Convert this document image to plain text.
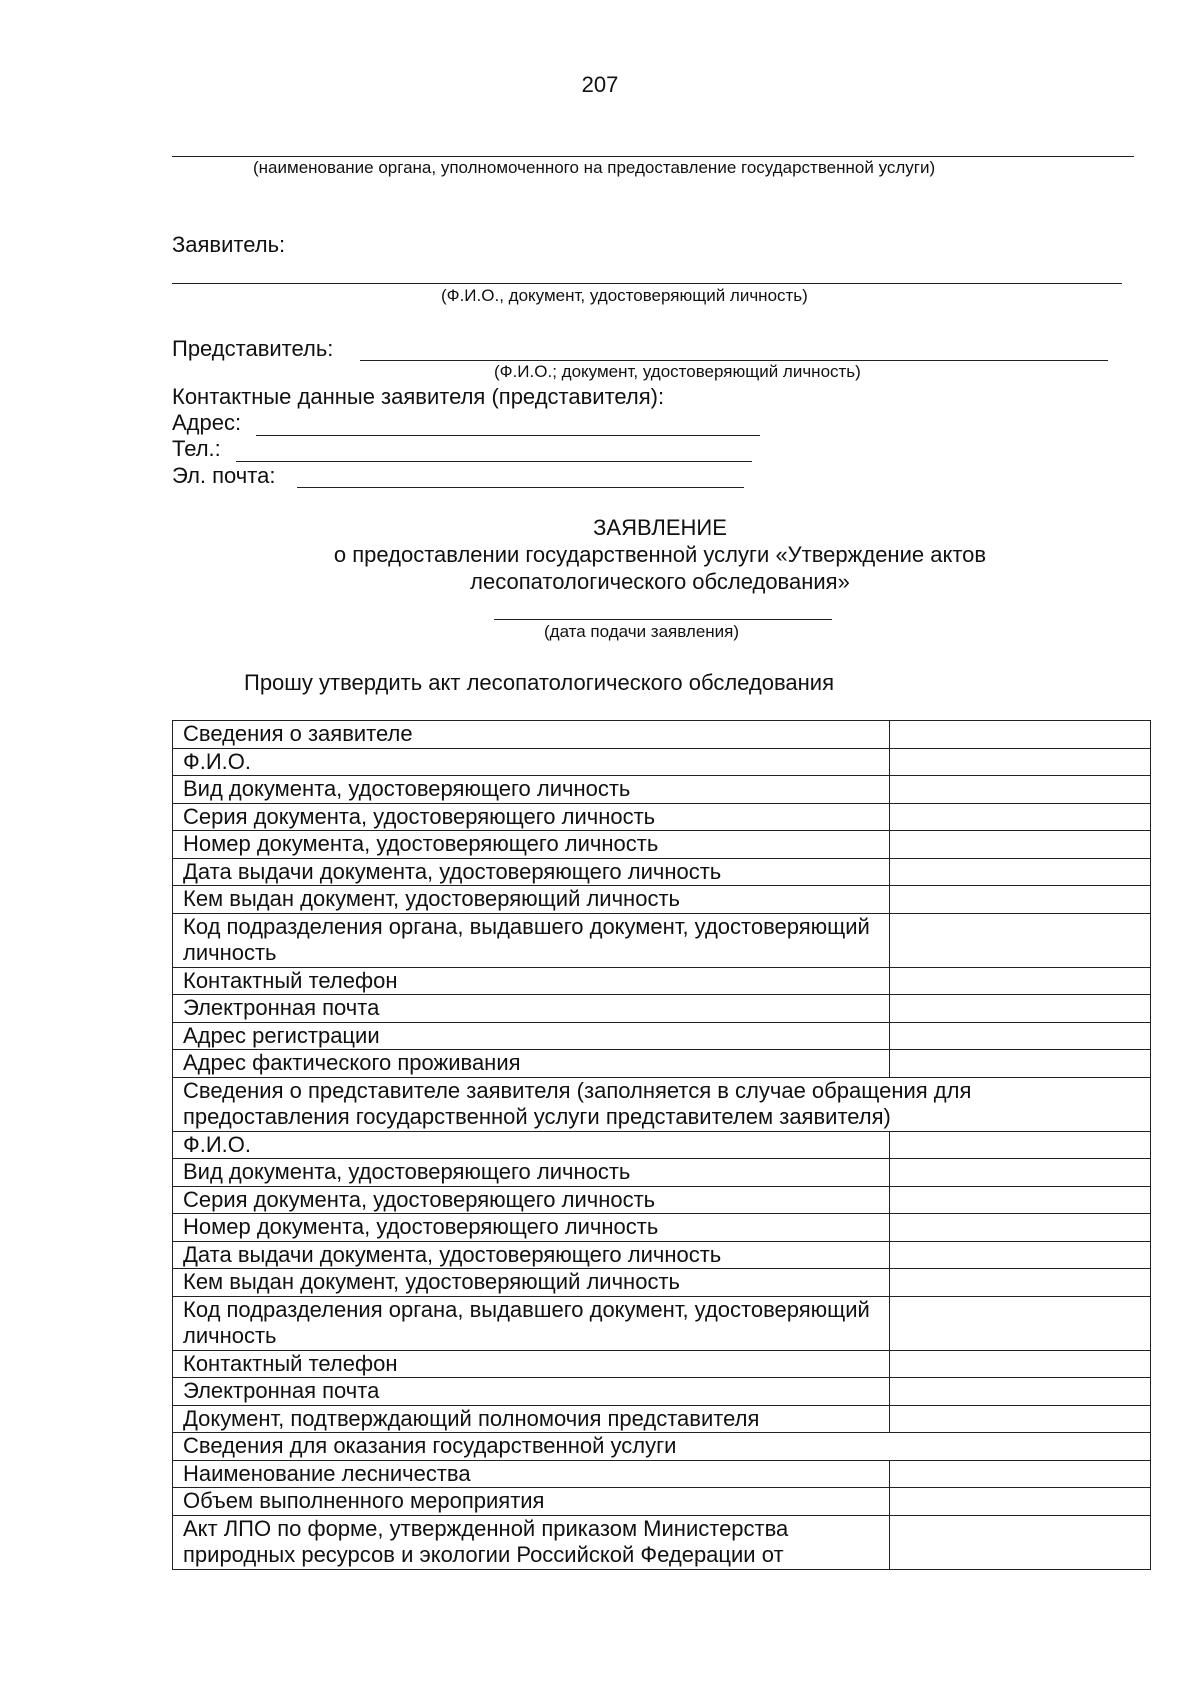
207
(наименование органа, уполномоченного на предоставление государственной услуги)
Заявитель:
(Ф.И.О., документ, удостоверяющий личность)
Представитель:
(Ф.И.О.; документ, удостоверяющий личность)
Контактные данные заявителя (представителя):
Адрес:
Тел.:
Эл. почта:
ЗАЯВЛЕНИЕ
о предоставлении государственной услуги «Утверждение актов
лесопатологического обследования»
(дата подачи заявления)
Прошу утвердить акт лесопатологического обследования
Сведения о заявителе	
Ф.И.О.	
Вид документа, удостоверяющего личность	
Серия документа, удостоверяющего личность	
Номер документа, удостоверяющего личность	
Дата выдачи документа, удостоверяющего личность	
Кем выдан документ, удостоверяющий личность	
Код подразделения органа, выдавшего документ, удостоверяющий личность	
Контактный телефон	
Электронная почта	
Адрес регистрации	
Адрес фактического проживания	
Сведения о представителе заявителя (заполняется в случае обращения для предоставления государственной услуги представителем заявителя)	
Ф.И.О.	
Вид документа, удостоверяющего личность	
Серия документа, удостоверяющего личность	
Номер документа, удостоверяющего личность	
Дата выдачи документа, удостоверяющего личность	
Кем выдан документ, удостоверяющий личность	
Код подразделения органа, выдавшего документ, удостоверяющий личность	
Контактный телефон	
Электронная почта	
Документ, подтверждающий полномочия представителя	
Сведения для оказания государственной услуги	
Наименование лесничества	
Объем выполненного мероприятия	
Акт ЛПО по форме, утвержденной приказом Министерства природных ресурсов и экологии Российской Федерации от	
